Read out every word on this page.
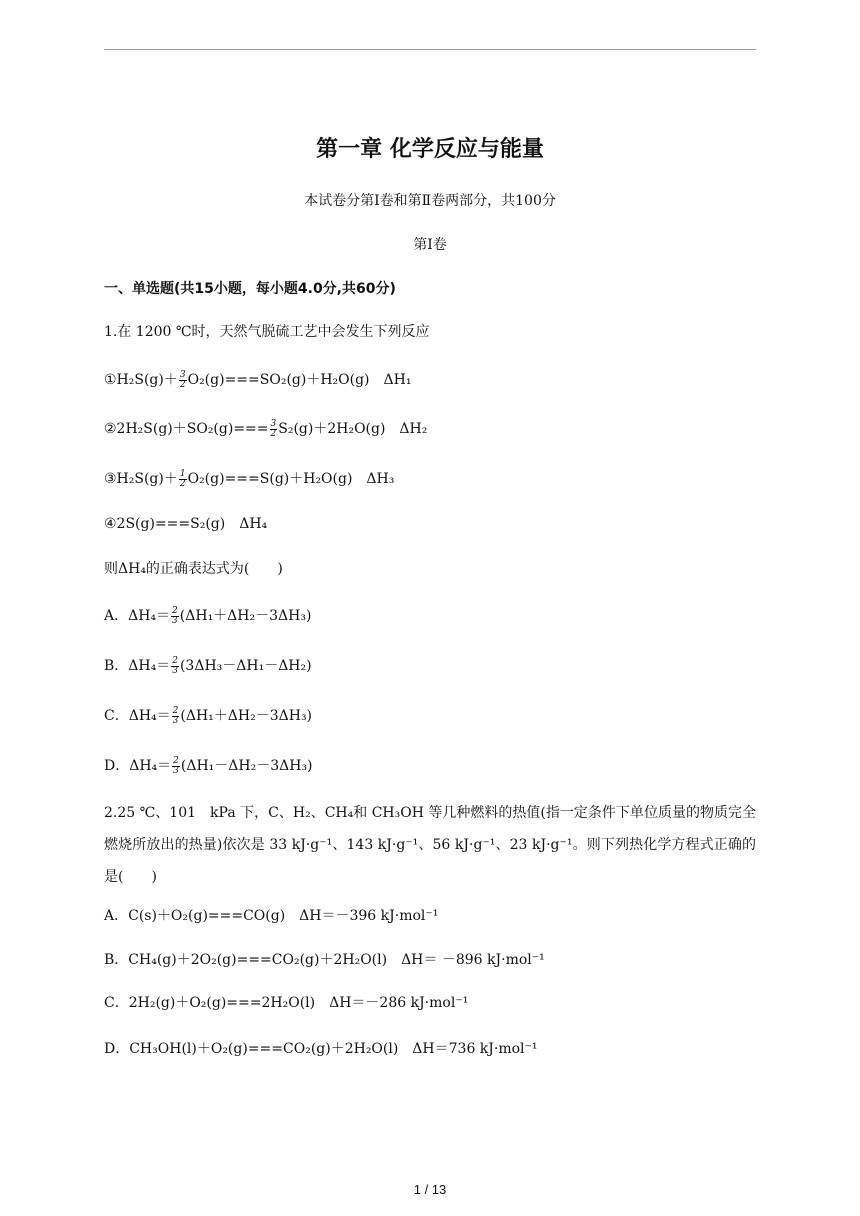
第一章 化学反应与能量
本试卷分第Ⅰ卷和第Ⅱ卷两部分，共100分
第Ⅰ卷
一、单选题(共15小题，每小题4.0分,共60分)
1.在 1200 ℃时，天然气脱硫工艺中会发生下列反应
①H₂S(g)＋ $\frac{3}{2} O_2(g)===SO_2(g)+H_2O(g)$　ΔH₁
②2H₂S(g)＋SO₂(g)=== $\frac{3}{2} S_2(g)+2H_2O(g)$　ΔH₂
③H₂S(g)＋ $\frac{1}{2} O_2(g)===S(g)+H_2O(g)$　ΔH₃
④2S(g)===S₂(g)　ΔH₄
则ΔH₄的正确表达式为(　　)
A．$\Delta H_4= \frac{2}{3} (\Delta H_1+\Delta H_2-3\Delta H_3)$
B．$\Delta H_4= \frac{2}{3} (3\Delta H_3-\Delta H_1-\Delta H_2)$
C．$\Delta H_4= \frac{2}{3} (\Delta H_1+\Delta H_2-3\Delta H_3)$
D．$\Delta H_4= \frac{2}{3} (\Delta H_1-\Delta H_2-3\Delta H_3)$
2.25 ℃、101　kPa 下，C、H₂、CH₄和 CH₃OH 等几种燃料的热值(指一定条件下单位质量的物质完全燃烧所放出的热量)依次是 33 kJ·g⁻¹、143 kJ·g⁻¹、56 kJ·g⁻¹、23 kJ·g⁻¹。则下列热化学方程式正确的是(　　)
A．C(s)＋O₂(g)===CO(g)　ΔH＝－396 kJ·mol⁻¹
B．CH₄(g)＋2O₂(g)===CO₂(g)＋2H₂O(l)　ΔH＝ －896 kJ·mol⁻¹
C．2H₂(g)＋O₂(g)===2H₂O(l)　ΔH＝－286 kJ·mol⁻¹
D．CH₃OH(l)＋O₂(g)===CO₂(g)＋2H₂O(l)　ΔH＝736 kJ·mol⁻¹
1 / 13
